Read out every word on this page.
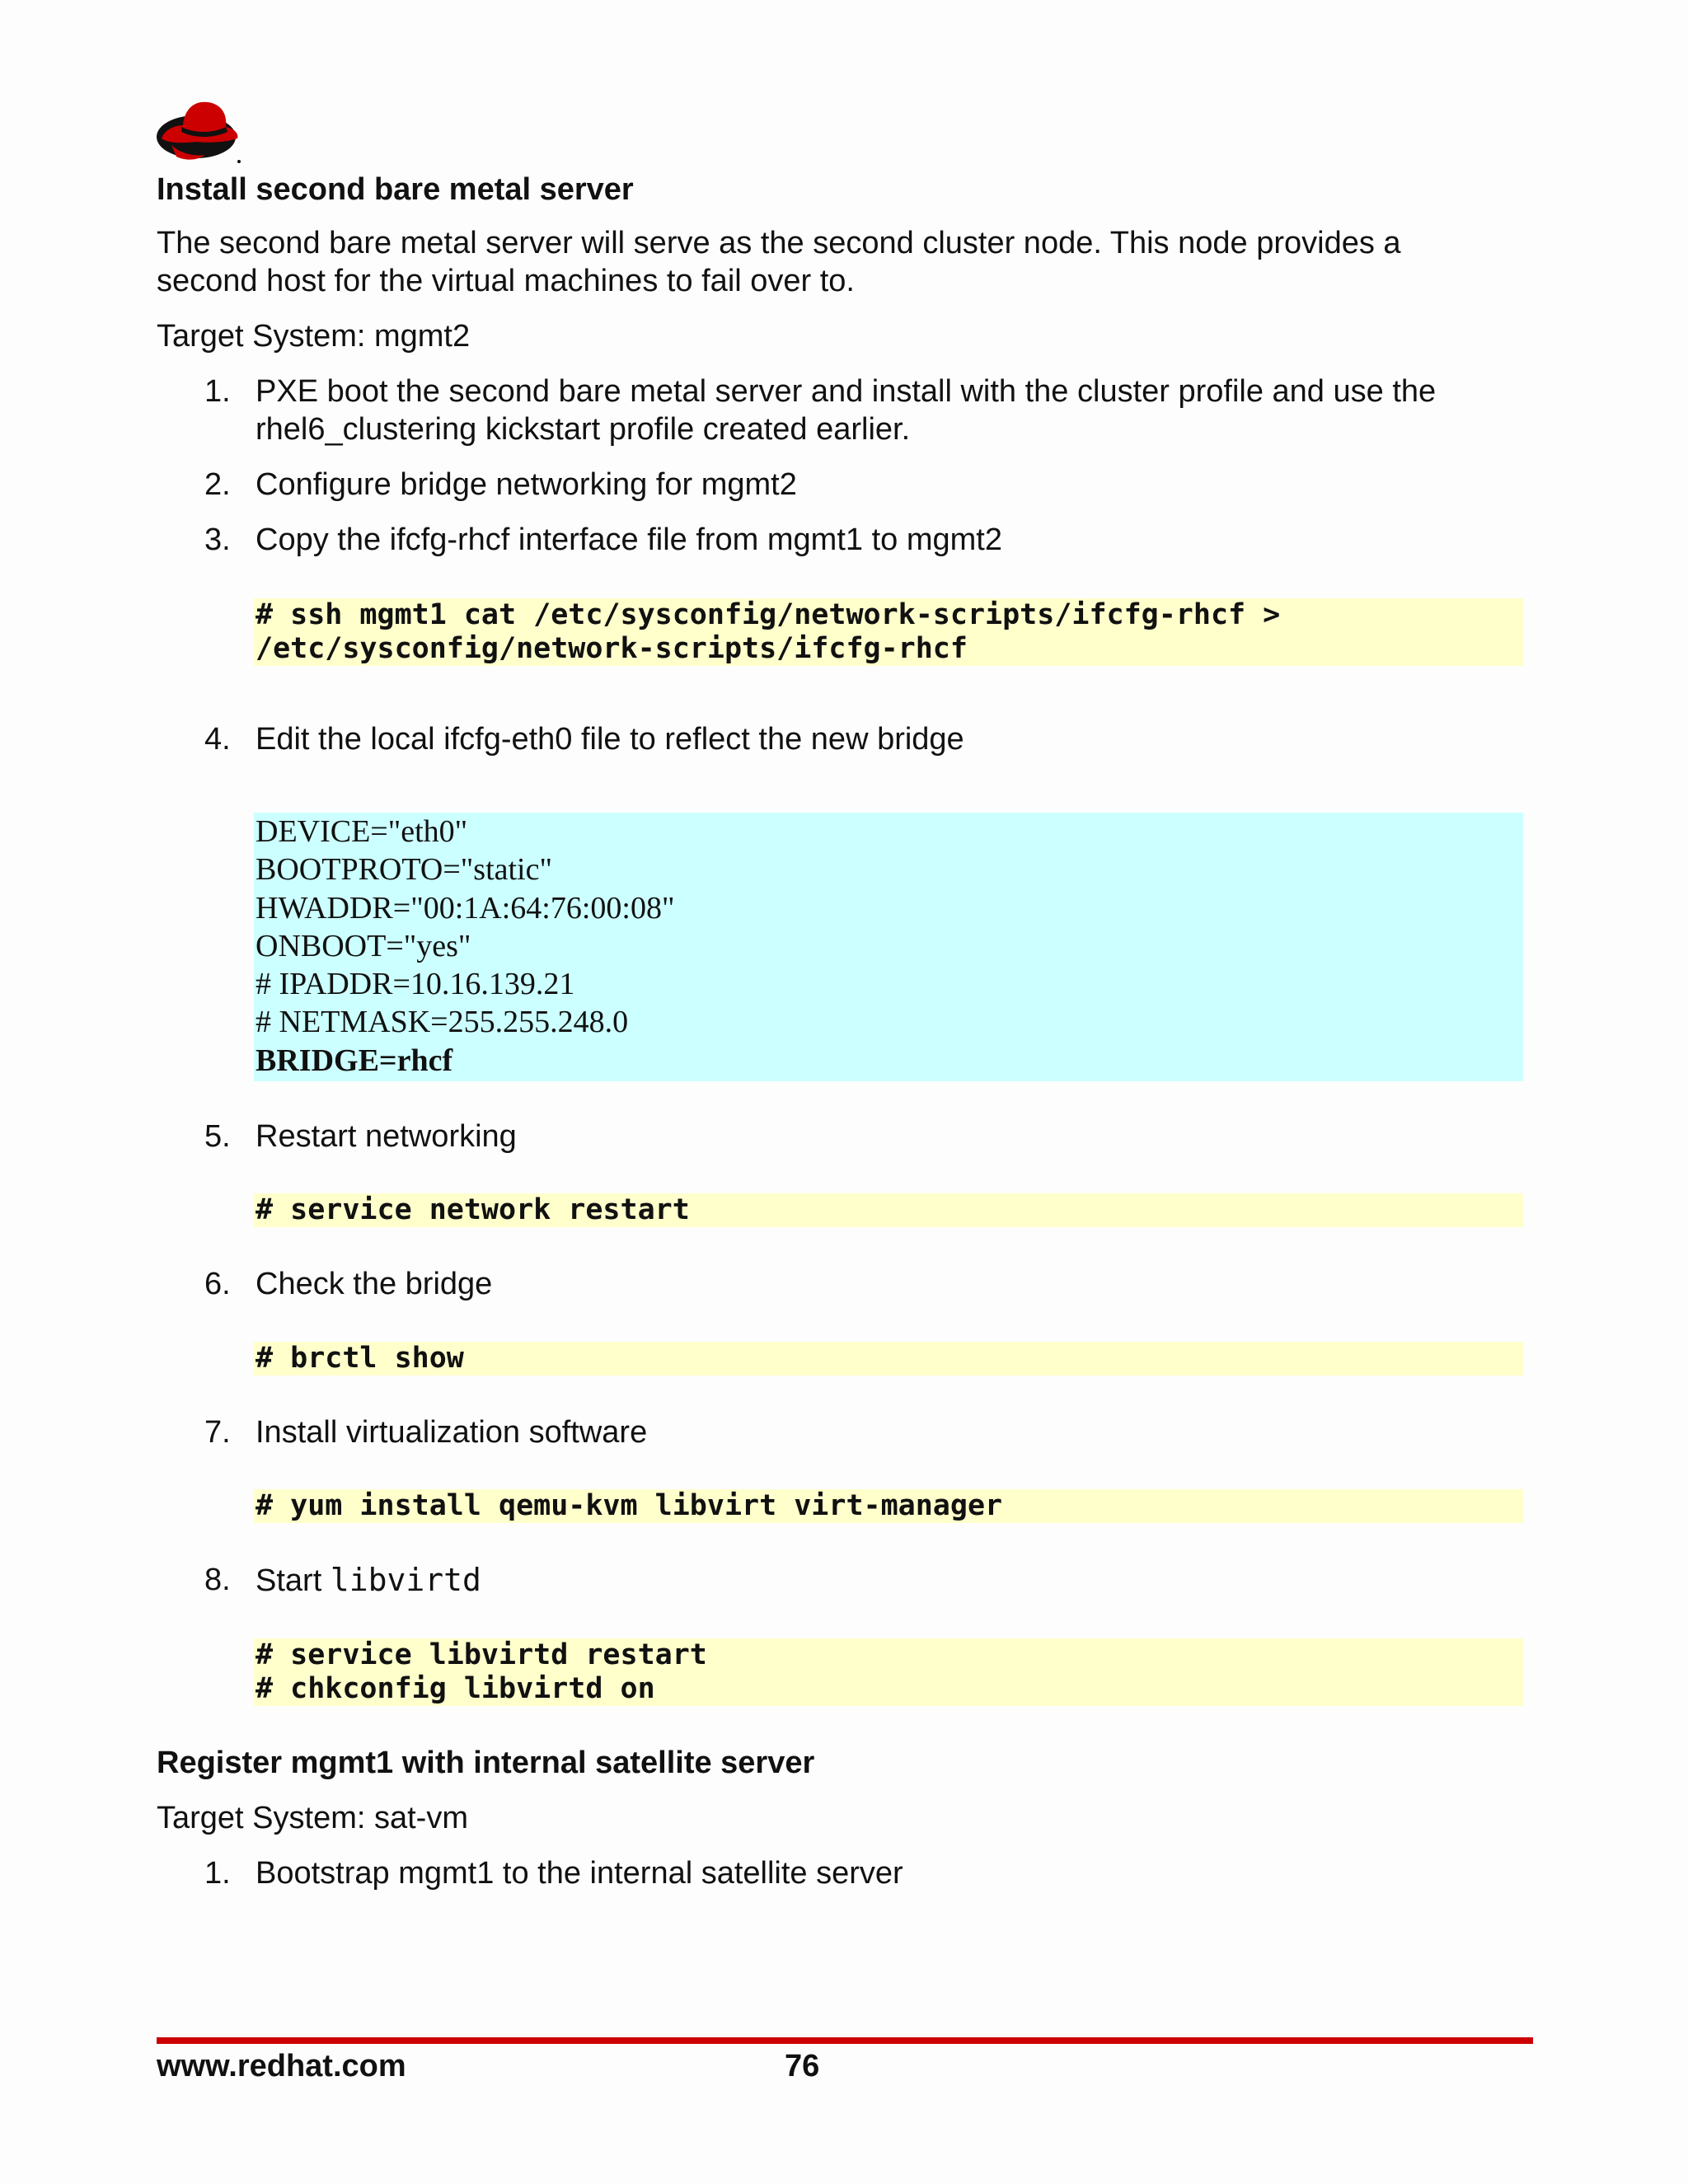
Install second bare metal server

The second bare metal server will serve as the second cluster node. This node provides a
second host for the virtual machines to fail over to.

Target System: mgmt2

1. PXE boot the second bare metal server and install with the cluster profile and use the
rhel6_clustering kickstart profile created earlier.
2. Configure bridge networking for mgmt2
3. Copy the ifcfg-rhcf interface file from mgmt1 to mgmt2
# ssh mgmt1 cat /etc/sysconfig/network-scripts/ifcfg-rhcf >
/etc/sysconfig/network-scripts/ifcfg-rhcf
4. Edit the local ifcfg-eth0 file to reflect the new bridge
DEVICE="eth0"
BOOTPROTO="static"
HWADDR="00:1A:64:76:00:08"
ONBOOT="yes"
# IPADDR=10.16.139.21
# NETMASK=255.255.248.0
BRIDGE=rhcf
5. Restart networking
# service network restart
6. Check the bridge
# brctl show
7. Install virtualization software
# yum install qemu-kvm libvirt virt-manager
8. Start libvirtd
# service libvirtd restart
# chkconfig libvirtd on
Register mgmt1 with internal satellite server

Target System: sat-vm

1. Bootstrap mgmt1 to the internal satellite server
www.redhat.com	76
